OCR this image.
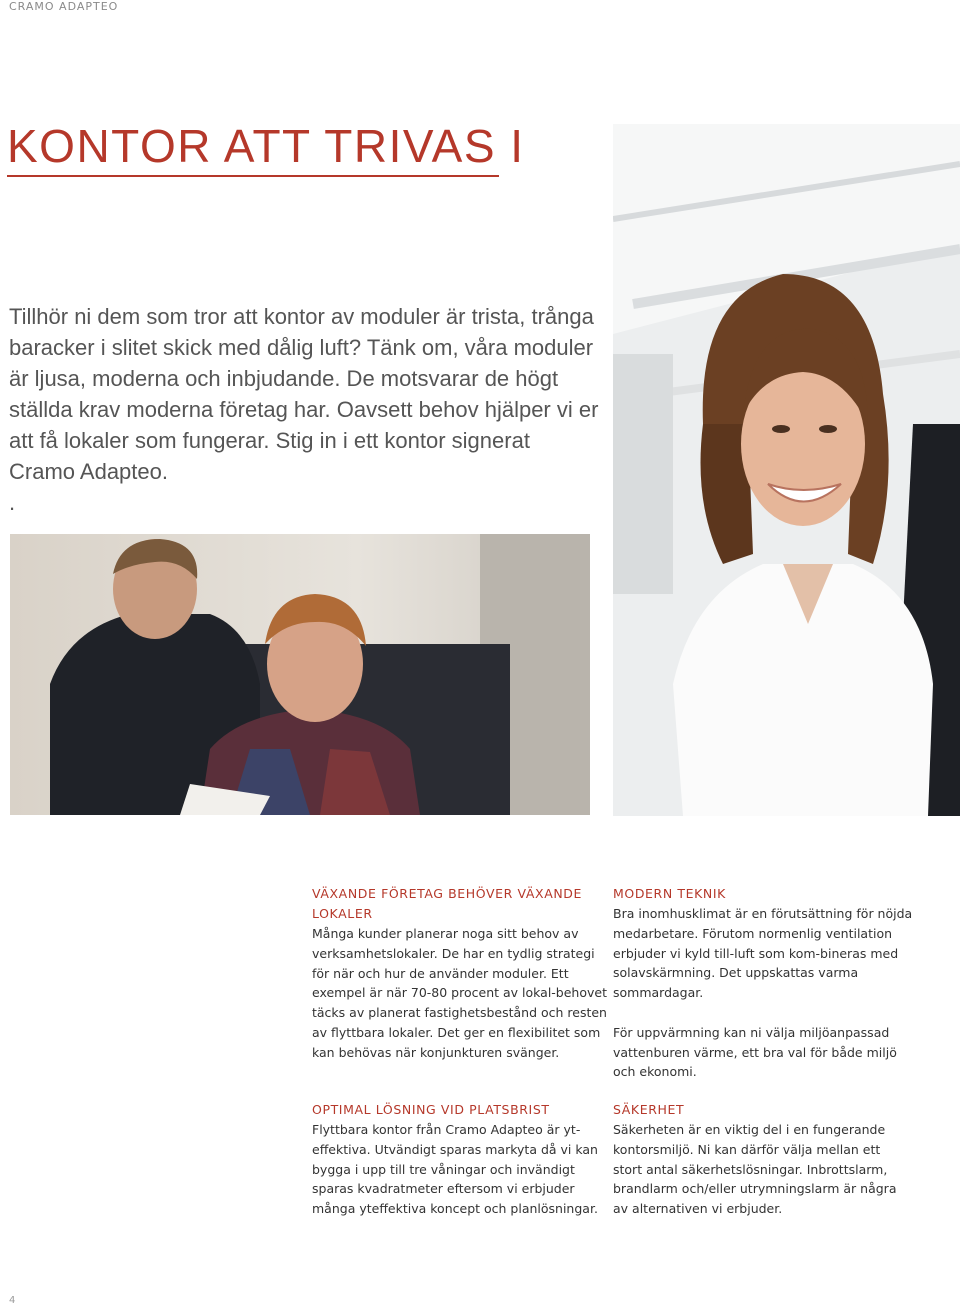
CRAMO ADAPTEO
KONTOR ATT TRIVAS I

Tillhör ni dem som tror att kontor av moduler är trista, trånga baracker i slitet skick med dålig luft? Tänk om, våra moduler är ljusa, moderna och inbjudande. De motsvarar de högt ställda krav moderna företag har. Oavsett behov hjälper vi er att få lokaler som fungerar. Stig in i ett kontor signerat Cramo Adapteo.
.

VÄXANDE FÖRETAG BEHÖVER VÄXANDE LOKALER

Många kunder planerar noga sitt behov av verksamhetslokaler. De har en tydlig strategi för när och hur de använder moduler. Ett exempel är när 70-80 procent av lokal-behovet täcks av planerat fastighetsbestånd och resten av flyttbara lokaler. Det ger en flexibilitet som kan behövas när konjunkturen svänger.

OPTIMAL LÖSNING VID PLATSBRIST

Flyttbara kontor från Cramo Adapteo är yt-effektiva. Utvändigt sparas markyta då vi kan bygga i upp till tre våningar och invändigt sparas kvadratmeter eftersom vi erbjuder många yteffektiva koncept och planlösningar.

MODERN TEKNIK

Bra inomhusklimat är en förutsättning för nöjda medarbetare. Förutom normenlig ventilation erbjuder vi kyld till-luft som kom-bineras med solavskärmning. Det uppskattas varma sommardagar.

För uppvärmning kan ni välja miljöanpassad vattenburen värme, ett bra val för både miljö och ekonomi.

SÄKERHET

Säkerheten är en viktig del i en fungerande kontorsmiljö. Ni kan därför välja mellan ett stort antal säkerhetslösningar. Inbrottslarm, brandlarm och/eller utrymningslarm är några av alternativen vi erbjuder.

4
